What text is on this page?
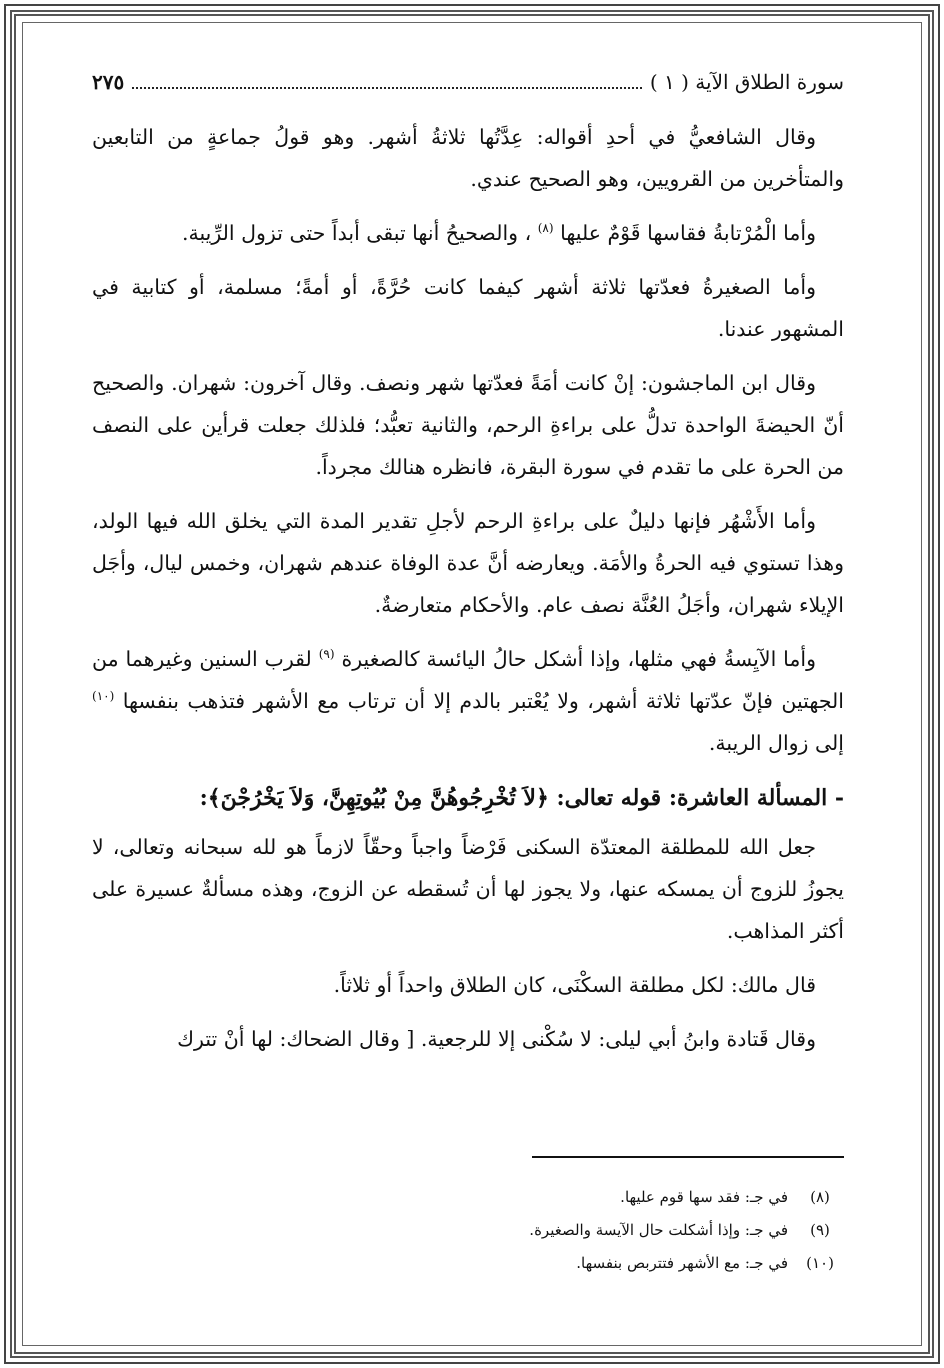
سورة الطلاق الآية ( ١ )
٢٧٥

وقال الشافعيُّ في أحدِ أقواله: عِدَّتُها ثلاثةُ أشهر. وهو قولُ جماعةٍ من التابعين والمتأخرين من القرويين، وهو الصحيح عندي.

وأما الْمُرْتابةُ فقاسها قَوْمٌ عليها $^{(٨)}$ ، والصحيحُ أنها تبقى أبداً حتى تزول الرِّيبة.

وأما الصغيرةُ فعدّتها ثلاثة أشهر كيفما كانت حُرَّةً، أو أمةً؛ مسلمة، أو كتابية في المشهور عندنا.

وقال ابن الماجشون: إنْ كانت أمَةً فعدّتها شهر ونصف. وقال آخرون: شهران. والصحيح أنّ الحيضةَ الواحدة تدلُّ على براءةِ الرحم، والثانية تعبُّد؛ فلذلك جعلت قرأين على النصف من الحرة على ما تقدم في سورة البقرة، فانظره هنالك مجرداً.

وأما الأَشْهُر فإنها دليلٌ على براءةِ الرحم لأجلِ تقدير المدة التي يخلق الله فيها الولد، وهذا تستوي فيه الحرةُ والأمَة. ويعارضه أنَّ عدة الوفاة عندهم شهران، وخمس ليال، وأجَل الإيلاء شهران، وأجَلُ العُنَّة نصف عام. والأحكام متعارضةٌ.

وأما الآيِسةُ فهي مثلها، وإذا أشكل حالُ اليائسة كالصغيرة $^{(٩)}$ لقرب السنين وغيرهما من الجهتين فإنّ عدّتها ثلاثة أشهر، ولا يُعْتبر بالدم إلا أن ترتاب مع الأشهر فتذهب بنفسها $^{(١٠)}$ إلى زوال الريبة.

- المسألة العاشرة: قوله تعالى: ﴿لاَ تُخْرِجُوهُنَّ مِنْ بُيُوتِهِنَّ، وَلاَ يَخْرُجْنَ﴾:

جعل الله للمطلقة المعتدّة السكنى فَرْضاً واجباً وحقّاً لازماً هو لله سبحانه وتعالى، لا يجوزُ للزوج أن يمسكه عنها، ولا يجوز لها أن تُسقطه عن الزوج، وهذه مسألةٌ عسيرة على أكثر المذاهب.

قال مالك: لكل مطلقة السكْنَى، كان الطلاق واحداً أو ثلاثاً.

وقال قَتادة وابنُ أبي ليلى: لا سُكْنى إلا للرجعية. [ وقال الضحاك: لها أنْ تترك

(٨)
في جـ: فقد سها قوم عليها.
(٩)
في جـ: وإذا أشكلت حال الآيسة والصغيرة.
(١٠)
في جـ: مع الأشهر فتتربص بنفسها.
